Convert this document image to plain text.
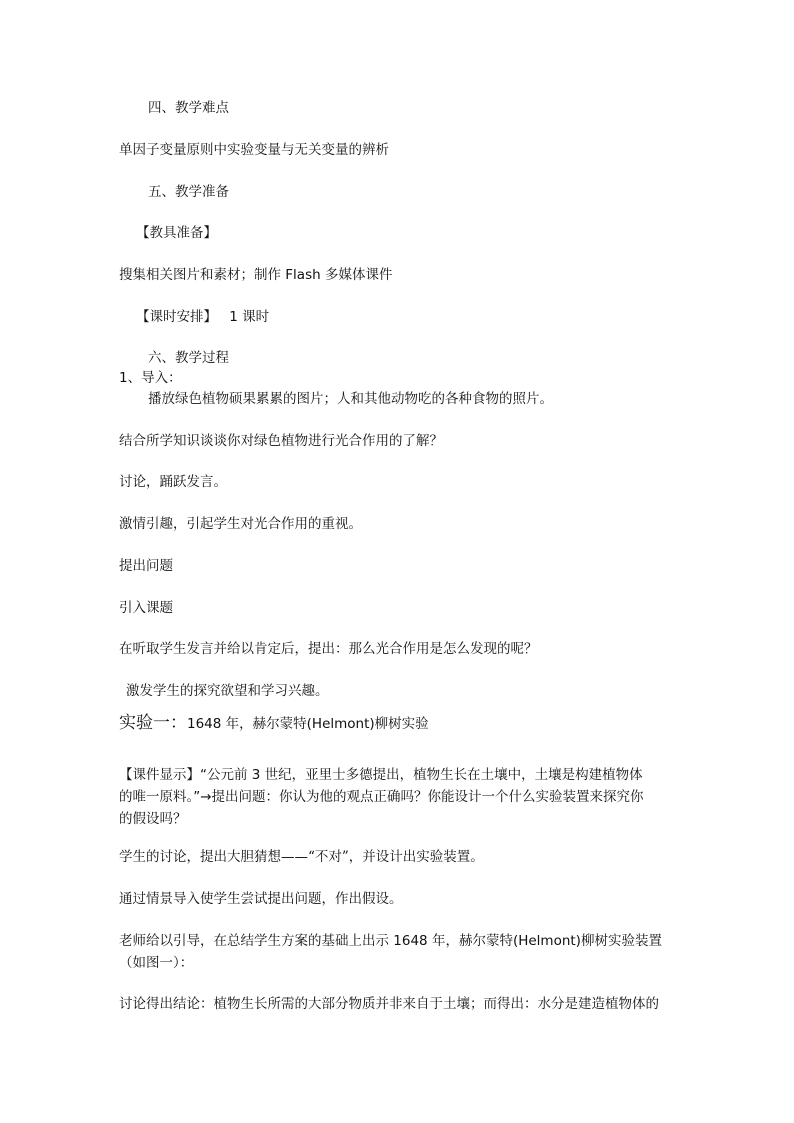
四、教学难点
单因子变量原则中实验变量与无关变量的辨析
五、教学准备
【教具准备】
搜集相关图片和素材；制作 Flash 多媒体课件
【课时安排】 1 课时
六、教学过程
1、导入：
播放绿色植物硕果累累的图片；人和其他动物吃的各种食物的照片。
结合所学知识谈谈你对绿色植物进行光合作用的了解？
讨论，踊跃发言。
激情引趣，引起学生对光合作用的重视。
提出问题
引入课题
在听取学生发言并给以肯定后，提出：那么光合作用是怎么发现的呢？
激发学生的探究欲望和学习兴趣。
实验一：1648 年，赫尔蒙特(Helmont)柳树实验
【课件显示】“公元前 3 世纪，亚里士多德提出，植物生长在土壤中，土壤是构建植物体
的唯一原料。”→提出问题：你认为他的观点正确吗？你能设计一个什么实验装置来探究你
的假设吗？
学生的讨论，提出大胆猜想——“不对”，并设计出实验装置。
通过情景导入使学生尝试提出问题，作出假设。
老师给以引导，在总结学生方案的基础上出示 1648 年，赫尔蒙特(Helmont)柳树实验装置
（如图一）：
讨论得出结论：植物生长所需的大部分物质并非来自于土壤；而得出：水分是建造植物体的
